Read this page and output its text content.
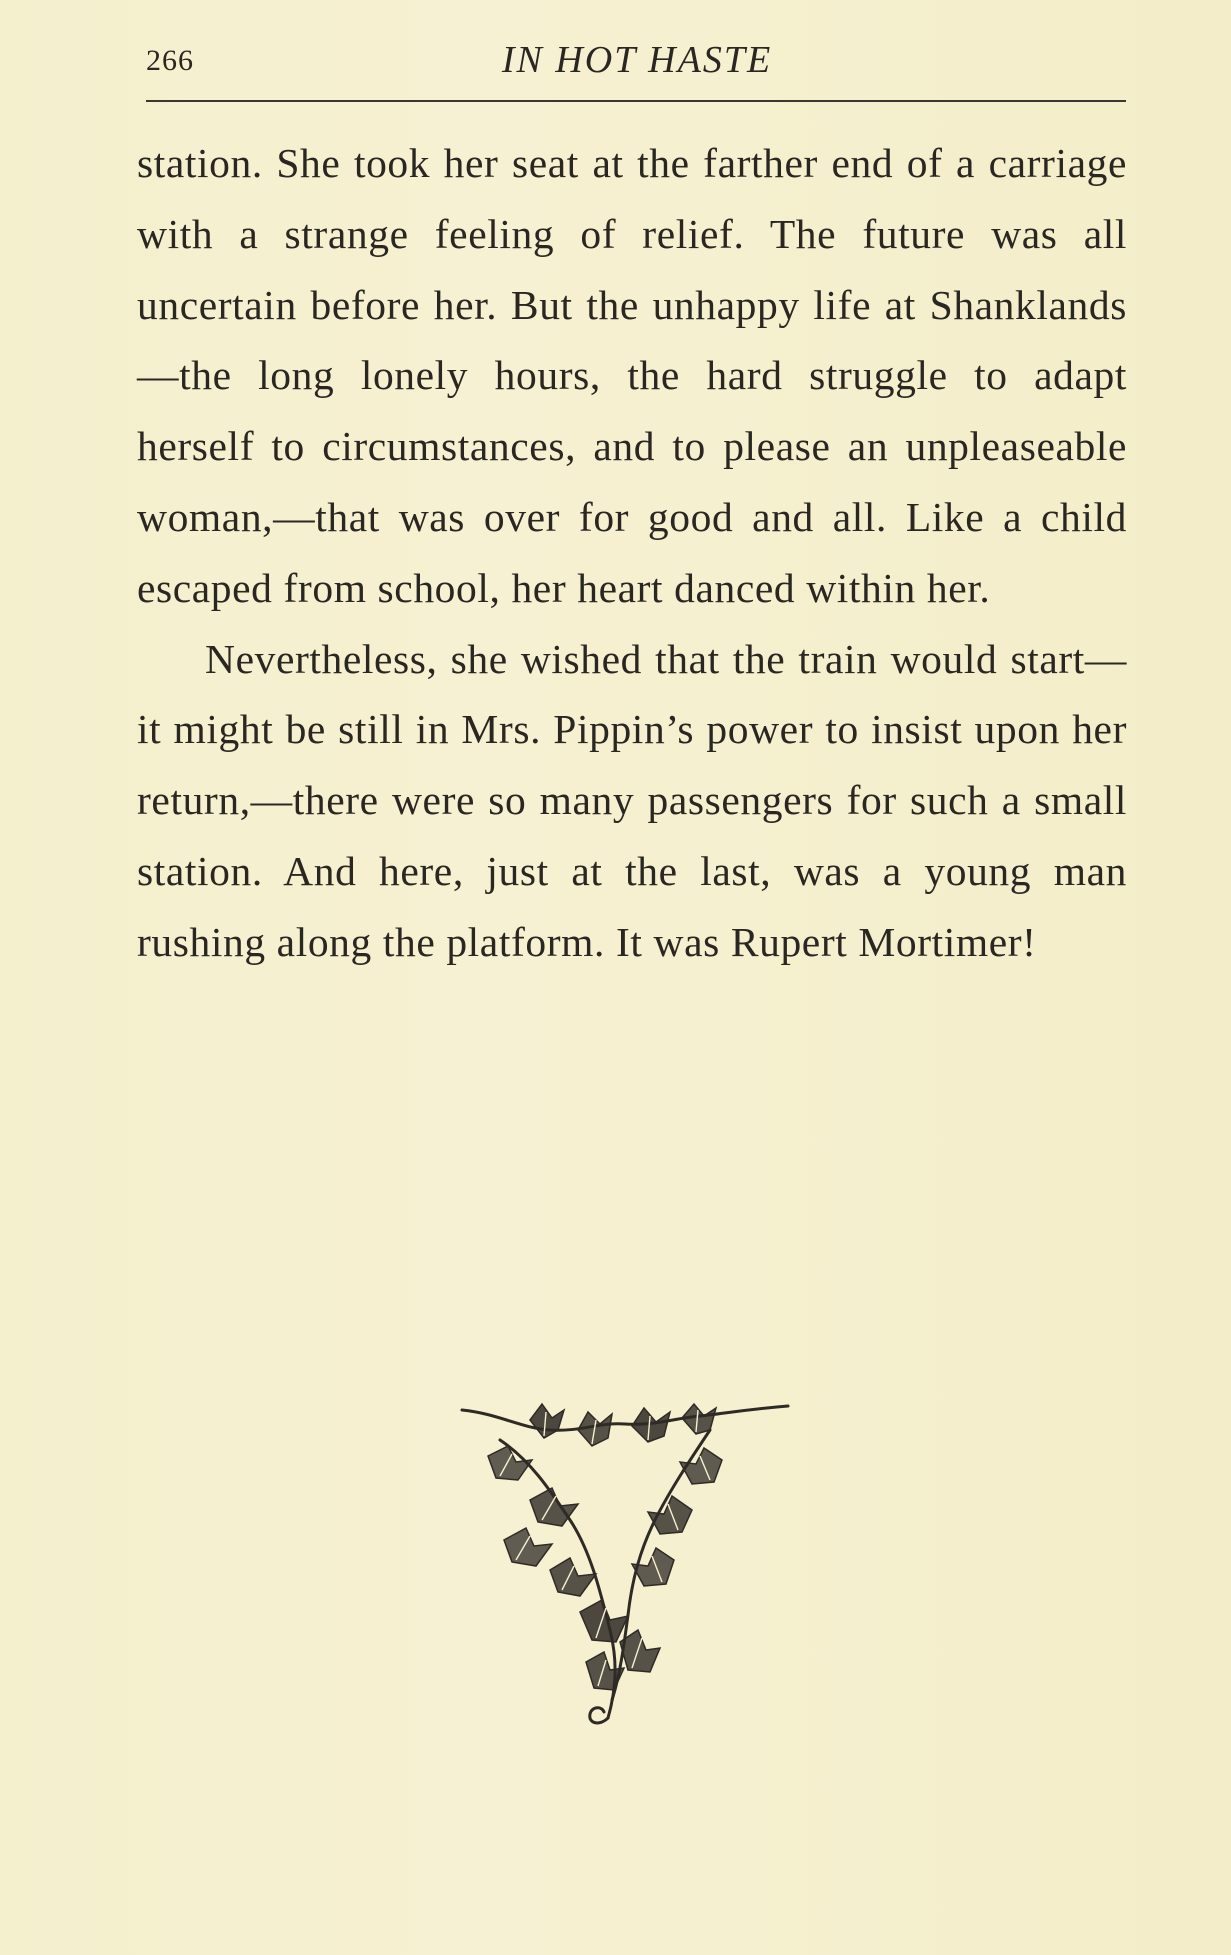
266	IN HOT HASTE

station. She took her seat at the farther end of a carriage with a strange feeling of relief. The future was all uncertain before her. But the unhappy life at Shanklands—the long lonely hours, the hard struggle to adapt herself to circumstances, and to please an unpleaseable woman,—that was over for good and all. Like a child escaped from school, her heart danced within her.

Nevertheless, she wished that the train would start—it might be still in Mrs. Pippin’s power to insist upon her return,—there were so many passengers for such a small station. And here, just at the last, was a young man rushing along the platform. It was Rupert Mortimer!
